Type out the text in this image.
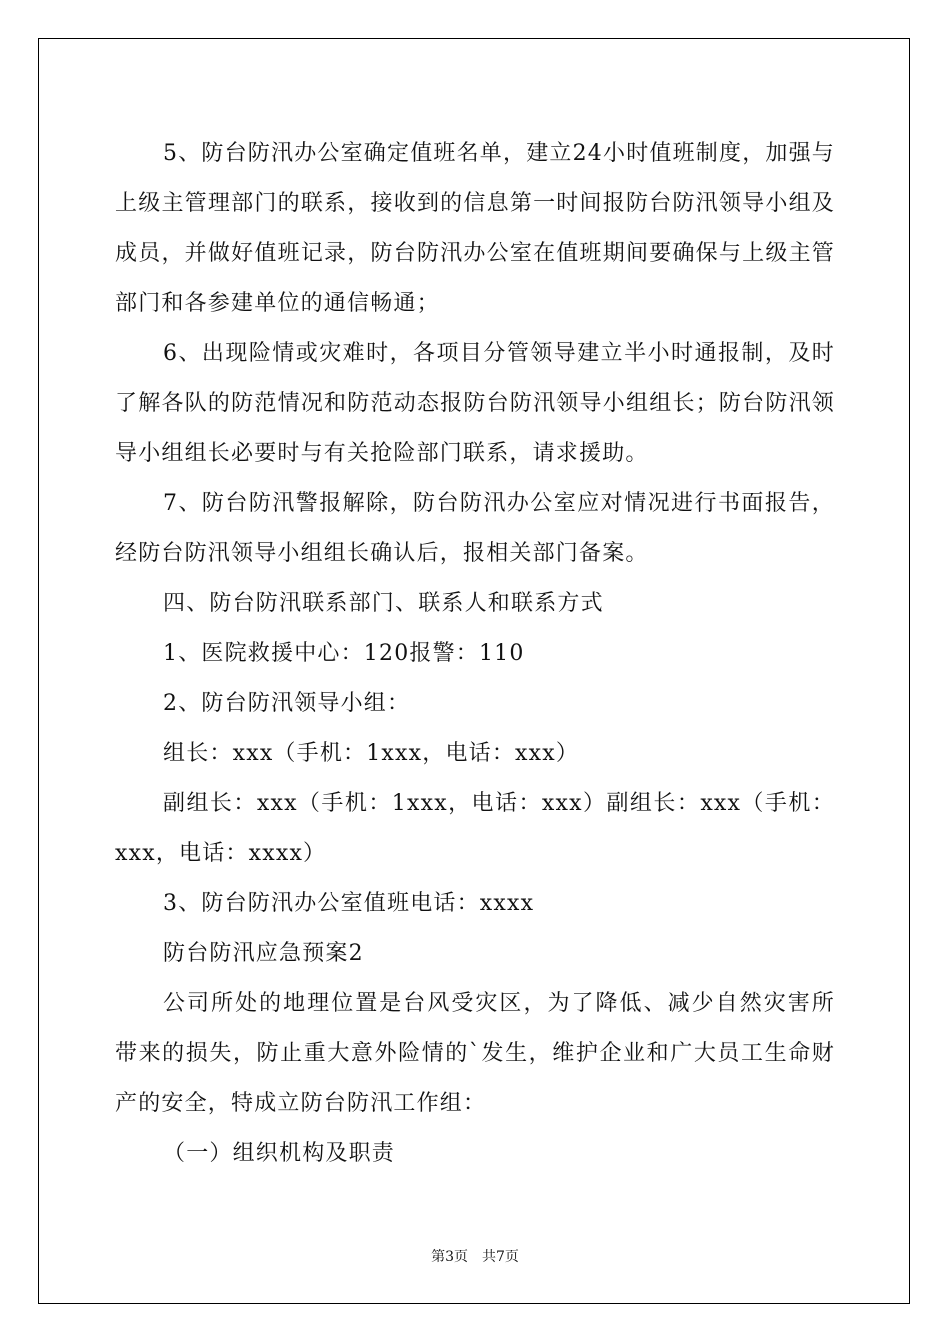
5、防台防汛办公室确定值班名单，建立24小时值班制度，加强与上级主管理部门的联系，接收到的信息第一时间报防台防汛领导小组及成员，并做好值班记录，防台防汛办公室在值班期间要确保与上级主管部门和各参建单位的通信畅通；

6、出现险情或灾难时，各项目分管领导建立半小时通报制，及时了解各队的防范情况和防范动态报防台防汛领导小组组长；防台防汛领导小组组长必要时与有关抢险部门联系，请求援助。

7、防台防汛警报解除，防台防汛办公室应对情况进行书面报告，经防台防汛领导小组组长确认后，报相关部门备案。

四、防台防汛联系部门、联系人和联系方式

1、医院救援中心：120报警：110

2、防台防汛领导小组：

组长：xxx（手机：1xxx，电话：xxx）

副组长：xxx（手机：1xxx，电话：xxx）副组长：xxx（手机：xxx，电话：xxxx）

3、防台防汛办公室值班电话：xxxx

防台防汛应急预案2

公司所处的地理位置是台风受灾区，为了降低、减少自然灾害所带来的损失，防止重大意外险情的`发生，维护企业和广大员工生命财产的安全，特成立防台防汛工作组：

（一）组织机构及职责

第3页　共7页
